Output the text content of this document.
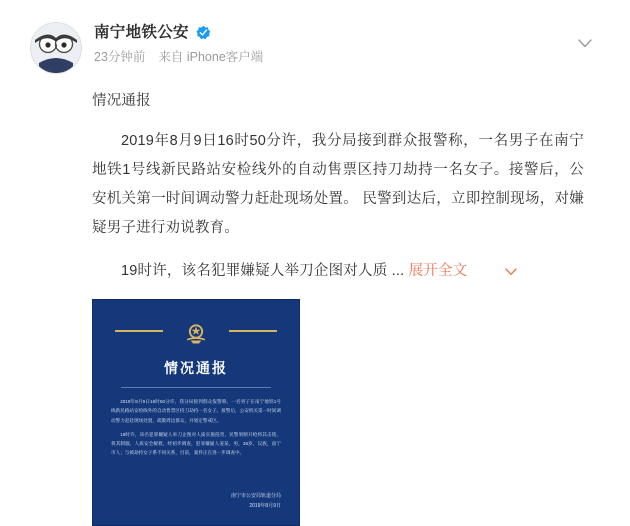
南宁地铁公安
23分钟前 来自 iPhone客户端
情况通报
2019年8月9日16时50分许，我分局接到群众报警称，一名男子在南宁地铁1号线新民路站安检线外的自动售票区持刀劫持一名女子。接警后，公安机关第一时间调动警力赶赴现场处置。 民警到达后，立即控制现场，对嫌疑男子进行劝说教育。
19时许，该名犯罪嫌疑人举刀企图对人质 ... 展开全文
情况通报

2019年8月9日16时50分许，我分局接到群众报警称，一名男子在南宁地铁1号线新民路站安检线外的自动售票区持刀劫持一名女子。接警后，公安机关第一时间调动警力赶赴现场处置，疏散周边群众，并划定警戒区。

19时许，该名犯罪嫌疑人举刀企图对人质实施侵害，民警果断开枪将其击毙，将其制服，人质安全解救，经初步调查，犯罪嫌疑人姜某，男，36岁，汉族，南宁市人；与被劫持女子系不同关系，目前，案件正在进一步调查中。

南宁市公安局轨道分局
2019年8月9日
